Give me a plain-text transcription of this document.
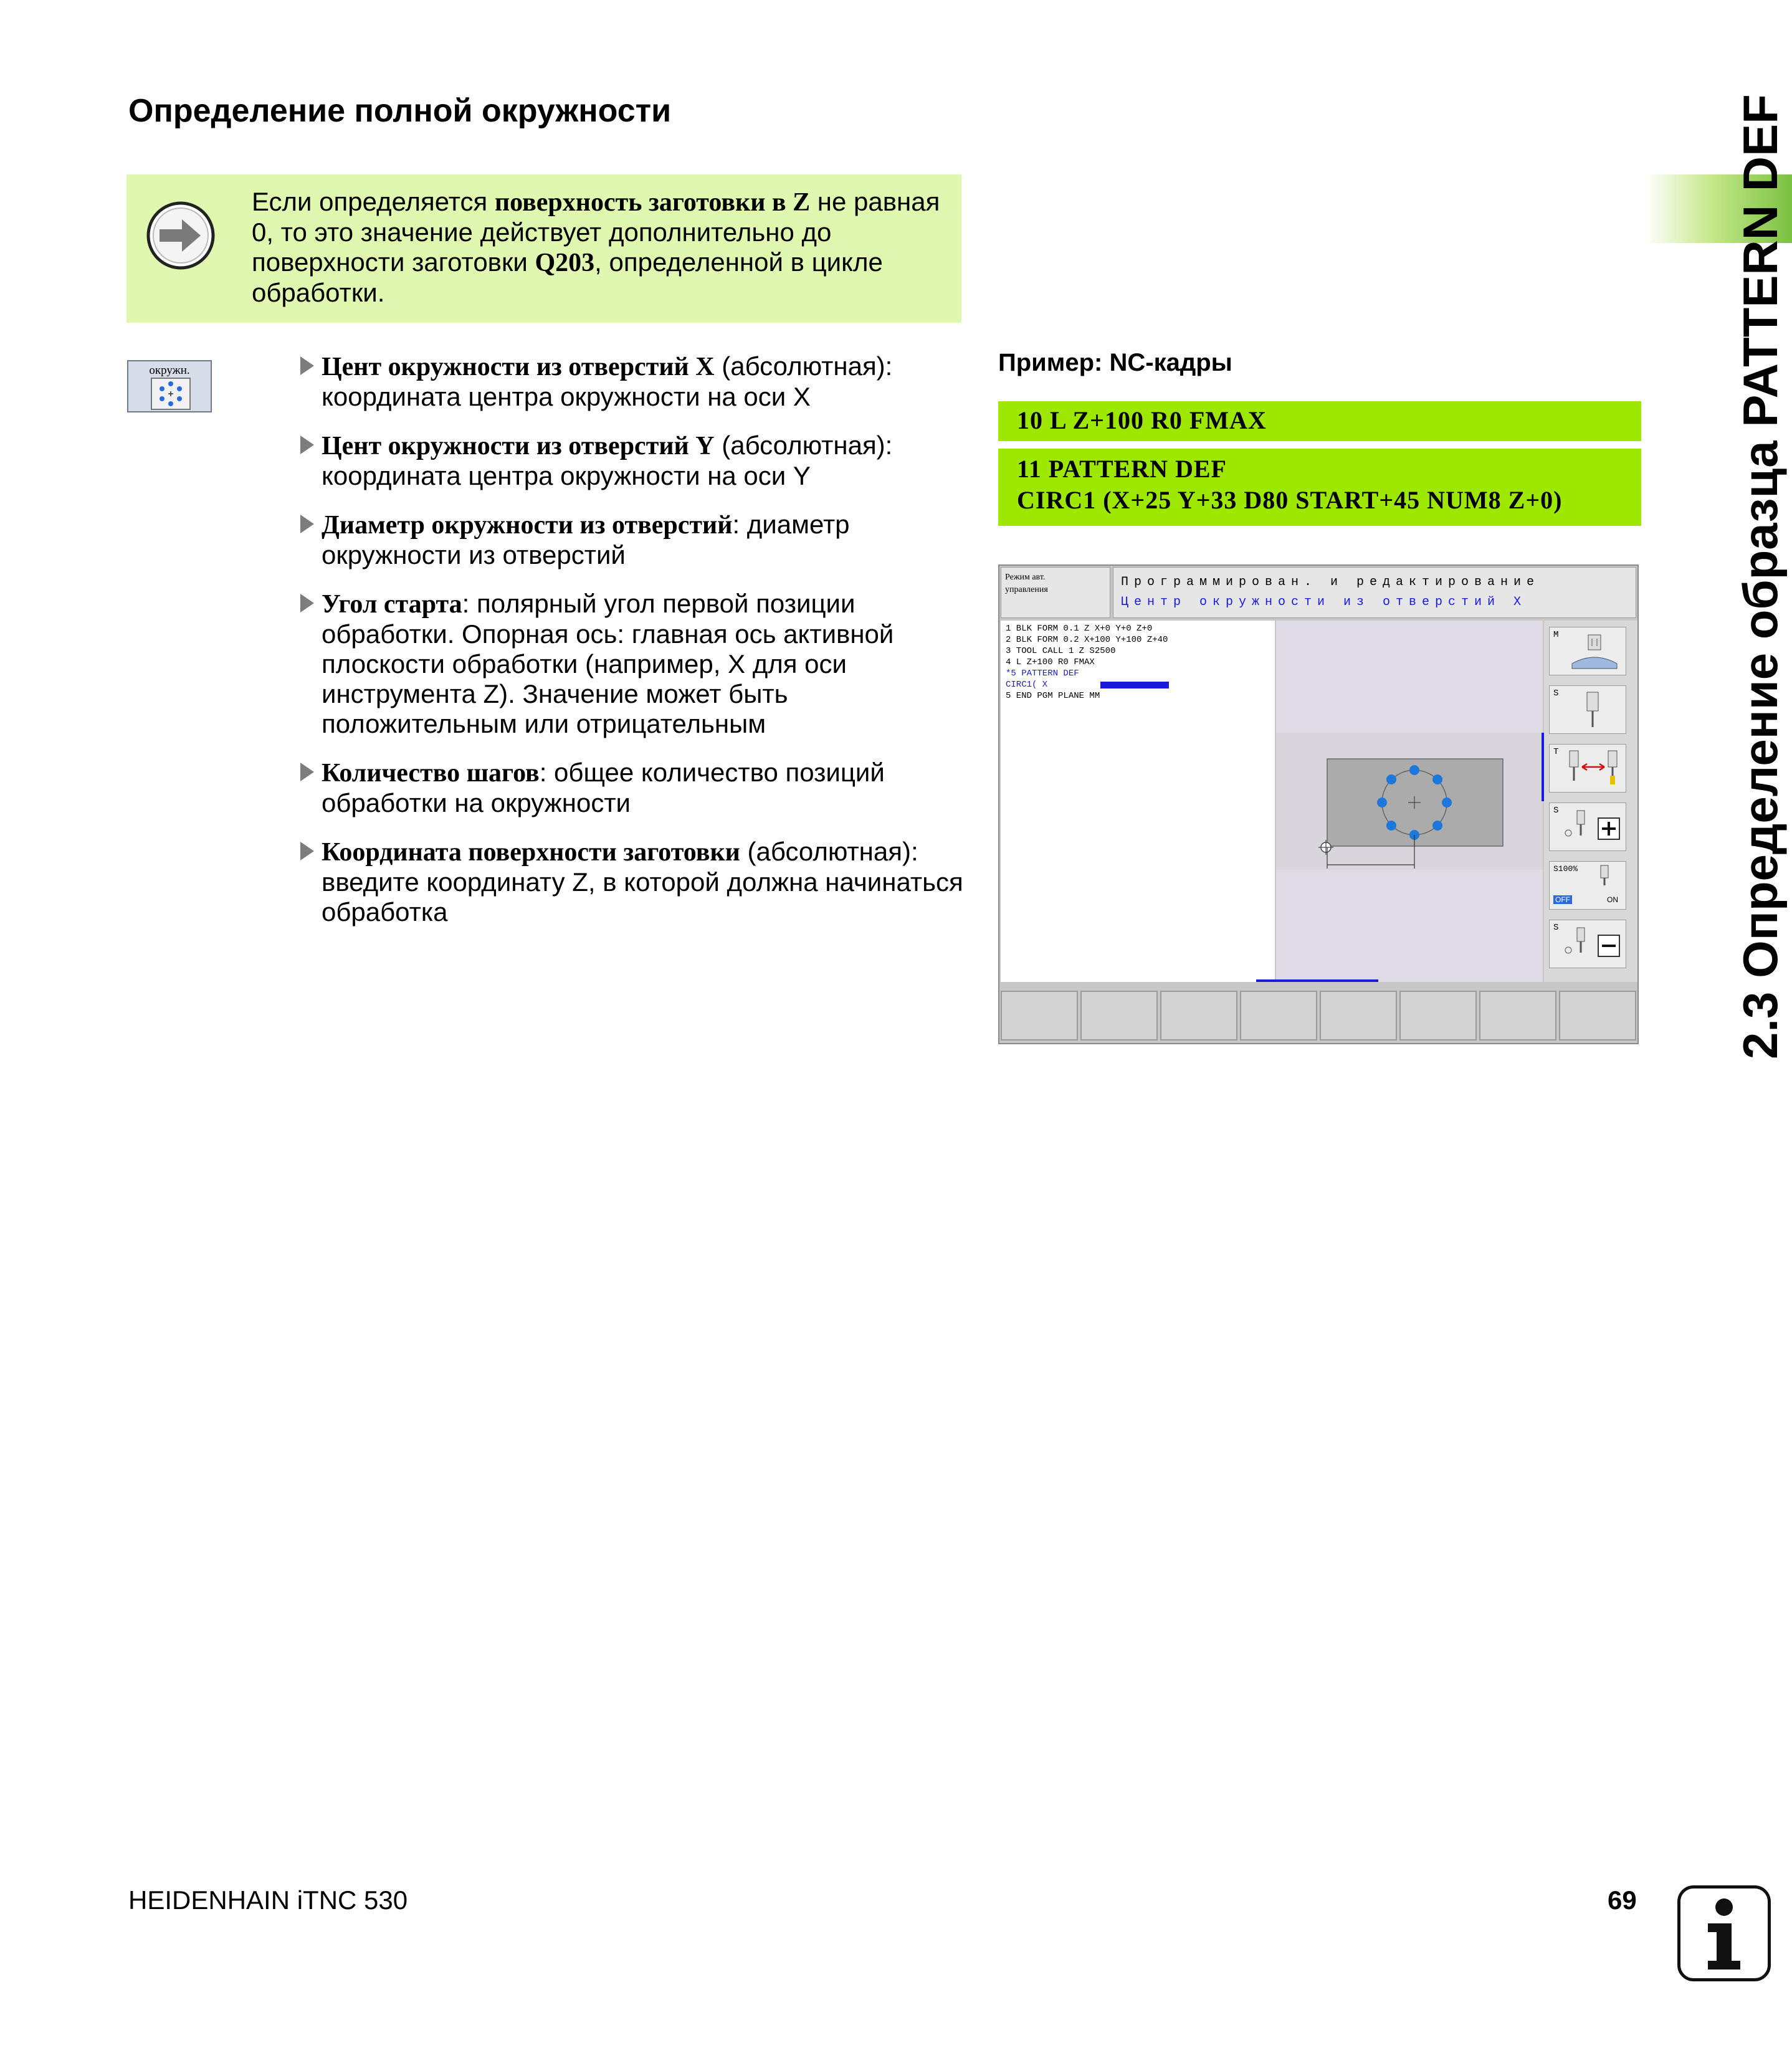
Определение полной окружности
Если определяется поверхность заготовки в Z не равная 0, то это значение действует дополнительно до поверхности заготовки Q203, определенной в цикле обработки.
окружн.	Цент окружности из отверстий X (абсолютная): координата центра окружности на оси X
Цент окружности из отверстий Y (абсолютная): координата центра окружности на оси Y
Диаметр окружности из отверстий: диаметр окружности из отверстий
Угол старта: полярный угол первой позиции обработки. Опорная ось: главная ось активной плоскости обработки (например, X для оси инструмента Z). Значение может быть положительным или отрицательным
Количество шагов: общее количество позиций обработки на окружности
Координата поверхности заготовки (абсолютная): введите координату Z, в которой должна начинаться обработка
Пример: NC-кадры
10 L Z+100 R0 FMAX
11 PATTERN DEF
CIRC1 (X+25 Y+33 D80 START+45 NUM8 Z+0)
Режим авт.
управления
Программирован. и редактирование
Центр окружности из отверстий X
1 BLK FORM 0.1 Z X+0 Y+0 Z+0
2 BLK FORM 0.2 X+100 Y+100 Z+40
3 TOOL CALL 1 Z S2500
4 L Z+100 R0 FMAX
*5 PATTERN DEF
CIRC1( X
5 END PGM PLANE MM
M
S
T
S
S100%
OFF	ON
S	2.3 Определение образца PATTERN DEF
HEIDENHAIN iTNC 530	69
